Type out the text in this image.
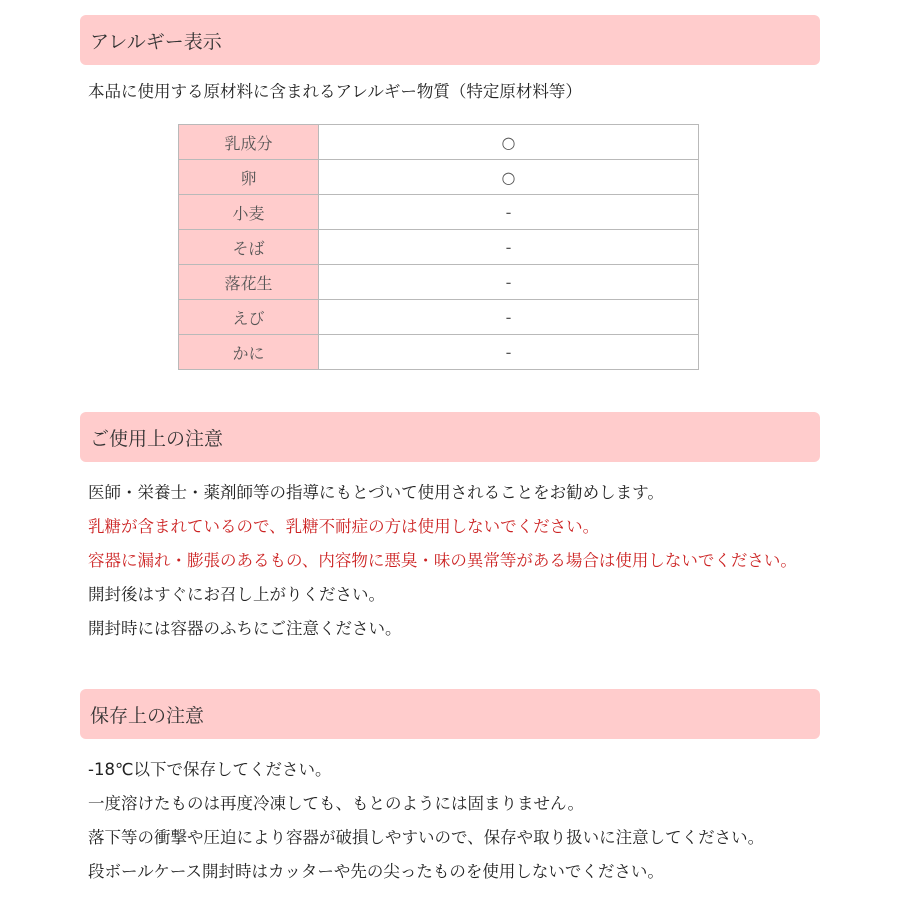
アレルギー表示
本品に使用する原材料に含まれるアレルギー物質（特定原材料等）
乳成分	○
卵	○
小麦	-
そば	-
落花生	-
えび	-
かに	-
ご使用上の注意
医師・栄養士・薬剤師等の指導にもとづいて使用されることをお勧めします。
乳糖が含まれているので、乳糖不耐症の方は使用しないでください。
容器に漏れ・膨張のあるもの、内容物に悪臭・味の異常等がある場合は使用しないでください。
開封後はすぐにお召し上がりください。
開封時には容器のふちにご注意ください。
保存上の注意
-18℃以下で保存してください。
一度溶けたものは再度冷凍しても、もとのようには固まりません。
落下等の衝撃や圧迫により容器が破損しやすいので、保存や取り扱いに注意してください。
段ボールケース開封時はカッターや先の尖ったものを使用しないでください。
